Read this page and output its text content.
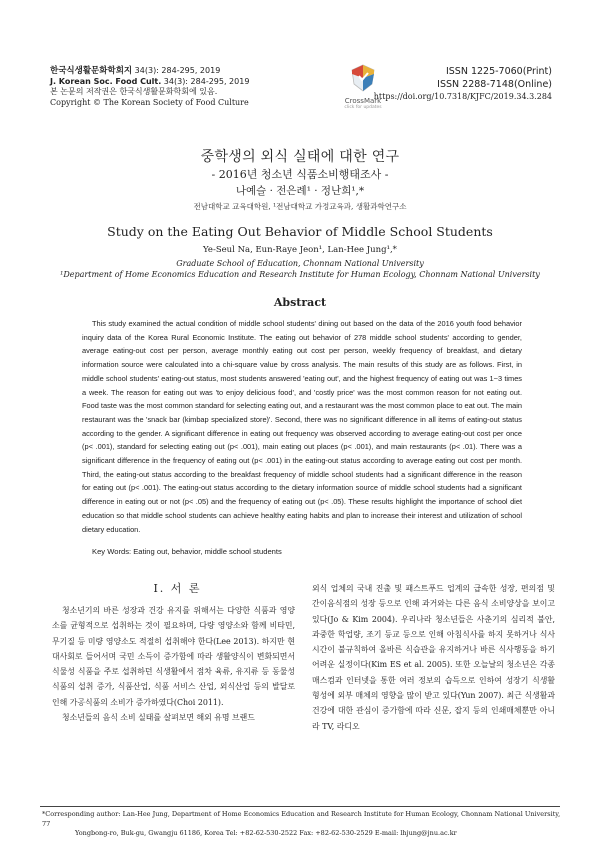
한국식생활문화학회지 34(3): 284-295, 2019
J. Korean Soc. Food Cult. 34(3): 284-295, 2019
본 논문의 저작권은 한국식생활문화학회에 있음.
Copyright © The Korean Society of Food Culture	CrossMark
click for updates
ISSN 1225-7060(Print)
ISSN 2288-7148(Online)
https://doi.org/10.7318/KJFC/2019.34.3.284
중학생의 외식 실태에 대한 연구
- 2016년 청소년 식품소비행태조사 -
나예슬 · 전은례¹ · 정난희¹,*
전남대학교 교육대학원, ¹전남대학교 가정교육과, 생활과학연구소
Study on the Eating Out Behavior of Middle School Students
Ye-Seul Na, Eun-Raye Jeon¹, Lan-Hee Jung¹,*
Graduate School of Education, Chonnam National University
¹Department of Home Economics Education and Research Institute for Human Ecology, Chonnam National University
Abstract
This study examined the actual condition of middle school students' dining out based on the data of the 2016 youth food behavior inquiry data of the Korea Rural Economic Institute. The eating out behavior of 278 middle school students' according to gender, average eating-out cost per person, average monthly eating out cost per person, weekly frequency of breakfast, and dietary information source were calculated into a chi-square value by cross analysis. The main results of this study are as follows. First, in middle school students' eating-out status, most students answered 'eating out', and the highest frequency of eating out was 1~3 times a week. The reason for eating out was 'to enjoy delicious food', and 'costly price' was the most common reason for not eating out. Food taste was the most common standard for selecting eating out, and a restaurant was the most common place to eat out. The main restaurant was the 'snack bar (kimbap specialized store)'. Second, there was no significant difference in all items of eating-out status according to the gender. A significant difference in eating out frequency was observed according to average eating-out cost per once (p< .001), standard for selecting eating out (p< .001), main eating out places (p< .001), and main restaurants (p< .01). There was a significant difference in the frequency of eating out (p< .001) in the eating-out status according to average eating out cost per month. Third, the eating-out status according to the breakfast frequency of middle school students had a significant difference in the reason for eating out (p< .001). The eating-out status according to the dietary information source of middle school students had a significant difference in eating out or not (p< .05) and the frequency of eating out (p< .05). These results highlight the importance of school diet education so that middle school students can achieve healthy eating habits and plan to increase their interest and utilization of school dietary education.
Key Words: Eating out, behavior, middle school students
Ⅰ. 서 론
청소년기의 바른 성장과 건강 유지를 위해서는 다양한 식품과 영양소를 균형적으로 섭취하는 것이 필요하며, 다량 영양소와 함께 비타민, 무기질 등 미량 영양소도 적절히 섭취해야 한다(Lee 2013). 하지만 현대사회로 들어서며 국민 소득이 증가함에 따라 생활양식이 변화되면서 식물성 식품을 주로 섭취하던 식생활에서 점차 육류, 유지류 등 동물성 식품의 섭취 증가, 식품산업, 식품 서비스 산업, 외식산업 등의 발달로 인해 가공식품의 소비가 증가하였다(Choi 2011).
청소년들의 음식 소비 실태를 살펴보면 해외 유명 브랜드
외식 업체의 국내 진출 및 패스트푸드 업계의 급속한 성장, 편의점 및 간이음식점의 성장 등으로 인해 과거와는 다른 음식 소비양상을 보이고 있다(Jo & Kim 2004). 우리나라 청소년들은 사춘기의 심리적 불안, 과중한 학업량, 조기 등교 등으로 인해 아침식사를 하지 못하거나 식사시간이 불규칙하여 올바른 식습관을 유지하거나 바른 식사행동을 하기 어려운 실정이다(Kim ES et al. 2005). 또한 오늘날의 청소년은 각종 매스컴과 인터넷을 통한 여러 정보의 습득으로 인하여 성장기 식생활 형성에 외부 매체의 영향을 많이 받고 있다(Yun 2007). 최근 식생활과 건강에 대한 관심이 증가함에 따라 신문, 잡지 등의 인쇄매체뿐만 아니라 TV, 라디오
*Corresponding author: Lan-Hee Jung, Department of Home Economics Education and Research Institute for Human Ecology, Chonnam National University, 77
Yongbong-ro, Buk-gu, Gwangju 61186, Korea Tel: +82-62-530-2522 Fax: +82-62-530-2529 E-mail: lhjung@jnu.ac.kr
